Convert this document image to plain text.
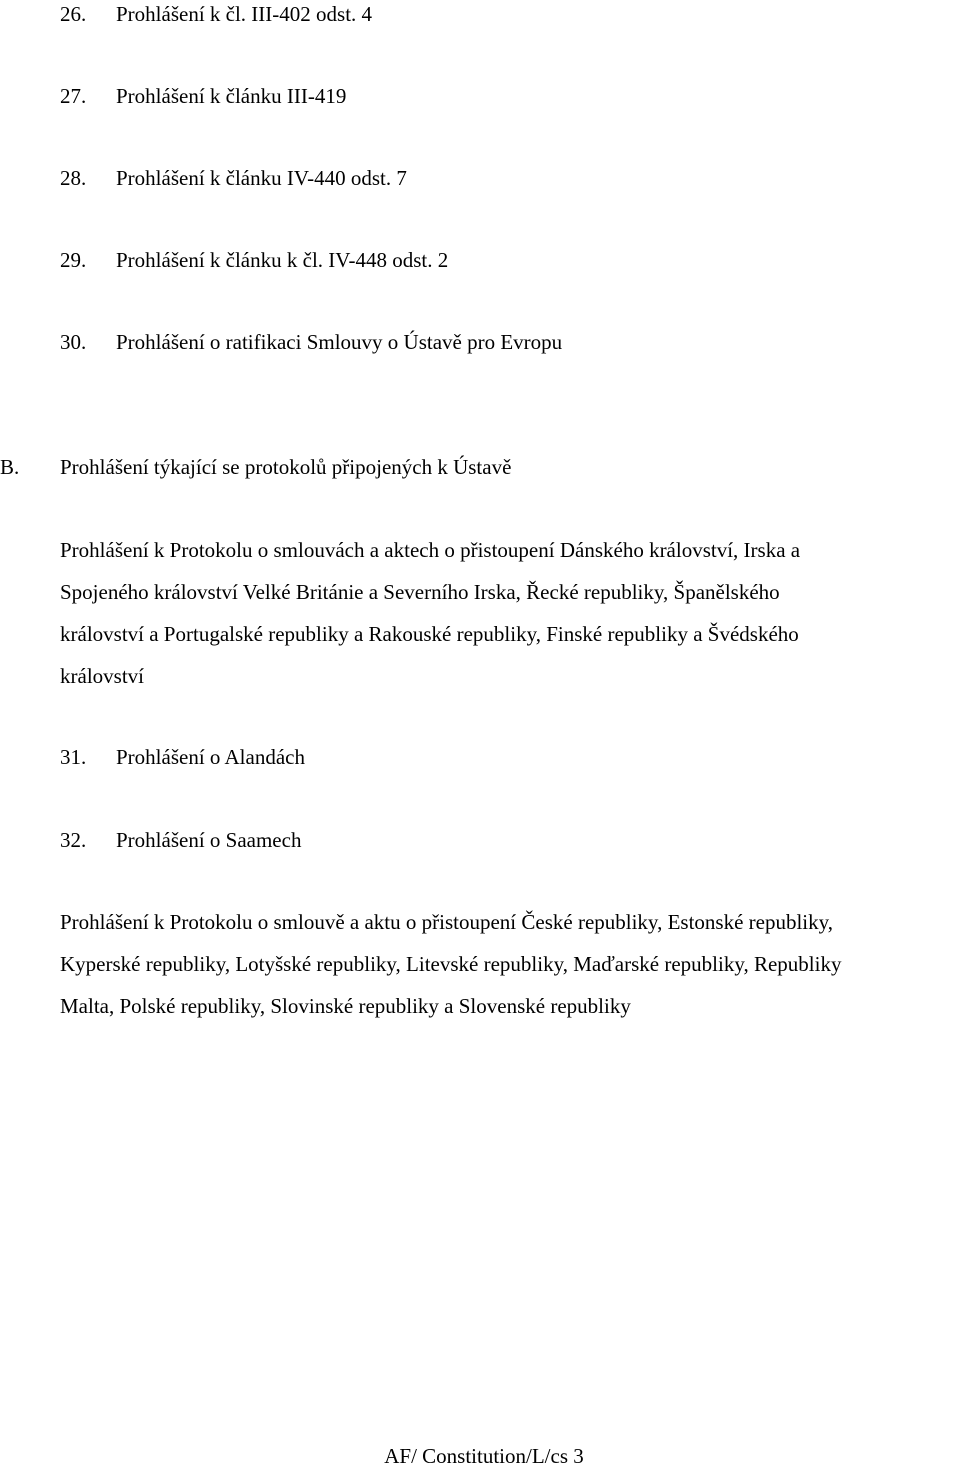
26. Prohlášení k čl. III-402 odst. 4
27. Prohlášení k článku III-419
28. Prohlášení k článku IV-440 odst. 7
29. Prohlášení k článku k čl. IV-448 odst. 2
30. Prohlášení o ratifikaci Smlouvy o Ústavě pro Evropu
B. Prohlášení týkající se protokolů připojených k Ústavě
Prohlášení k Protokolu o smlouvách a aktech o přistoupení Dánského království, Irska a
Spojeného království Velké Británie a Severního Irska, Řecké republiky, Španělského
království a Portugalské republiky a Rakouské republiky, Finské republiky a Švédského
království
31. Prohlášení o Alandách
32. Prohlášení o Saamech
Prohlášení k Protokolu o smlouvě a aktu o přistoupení České republiky, Estonské republiky,
Kyperské republiky, Lotyšské republiky, Litevské republiky, Maďarské republiky, Republiky
Malta, Polské republiky, Slovinské republiky a Slovenské republiky
AF/ Constitution/L/cs 3
